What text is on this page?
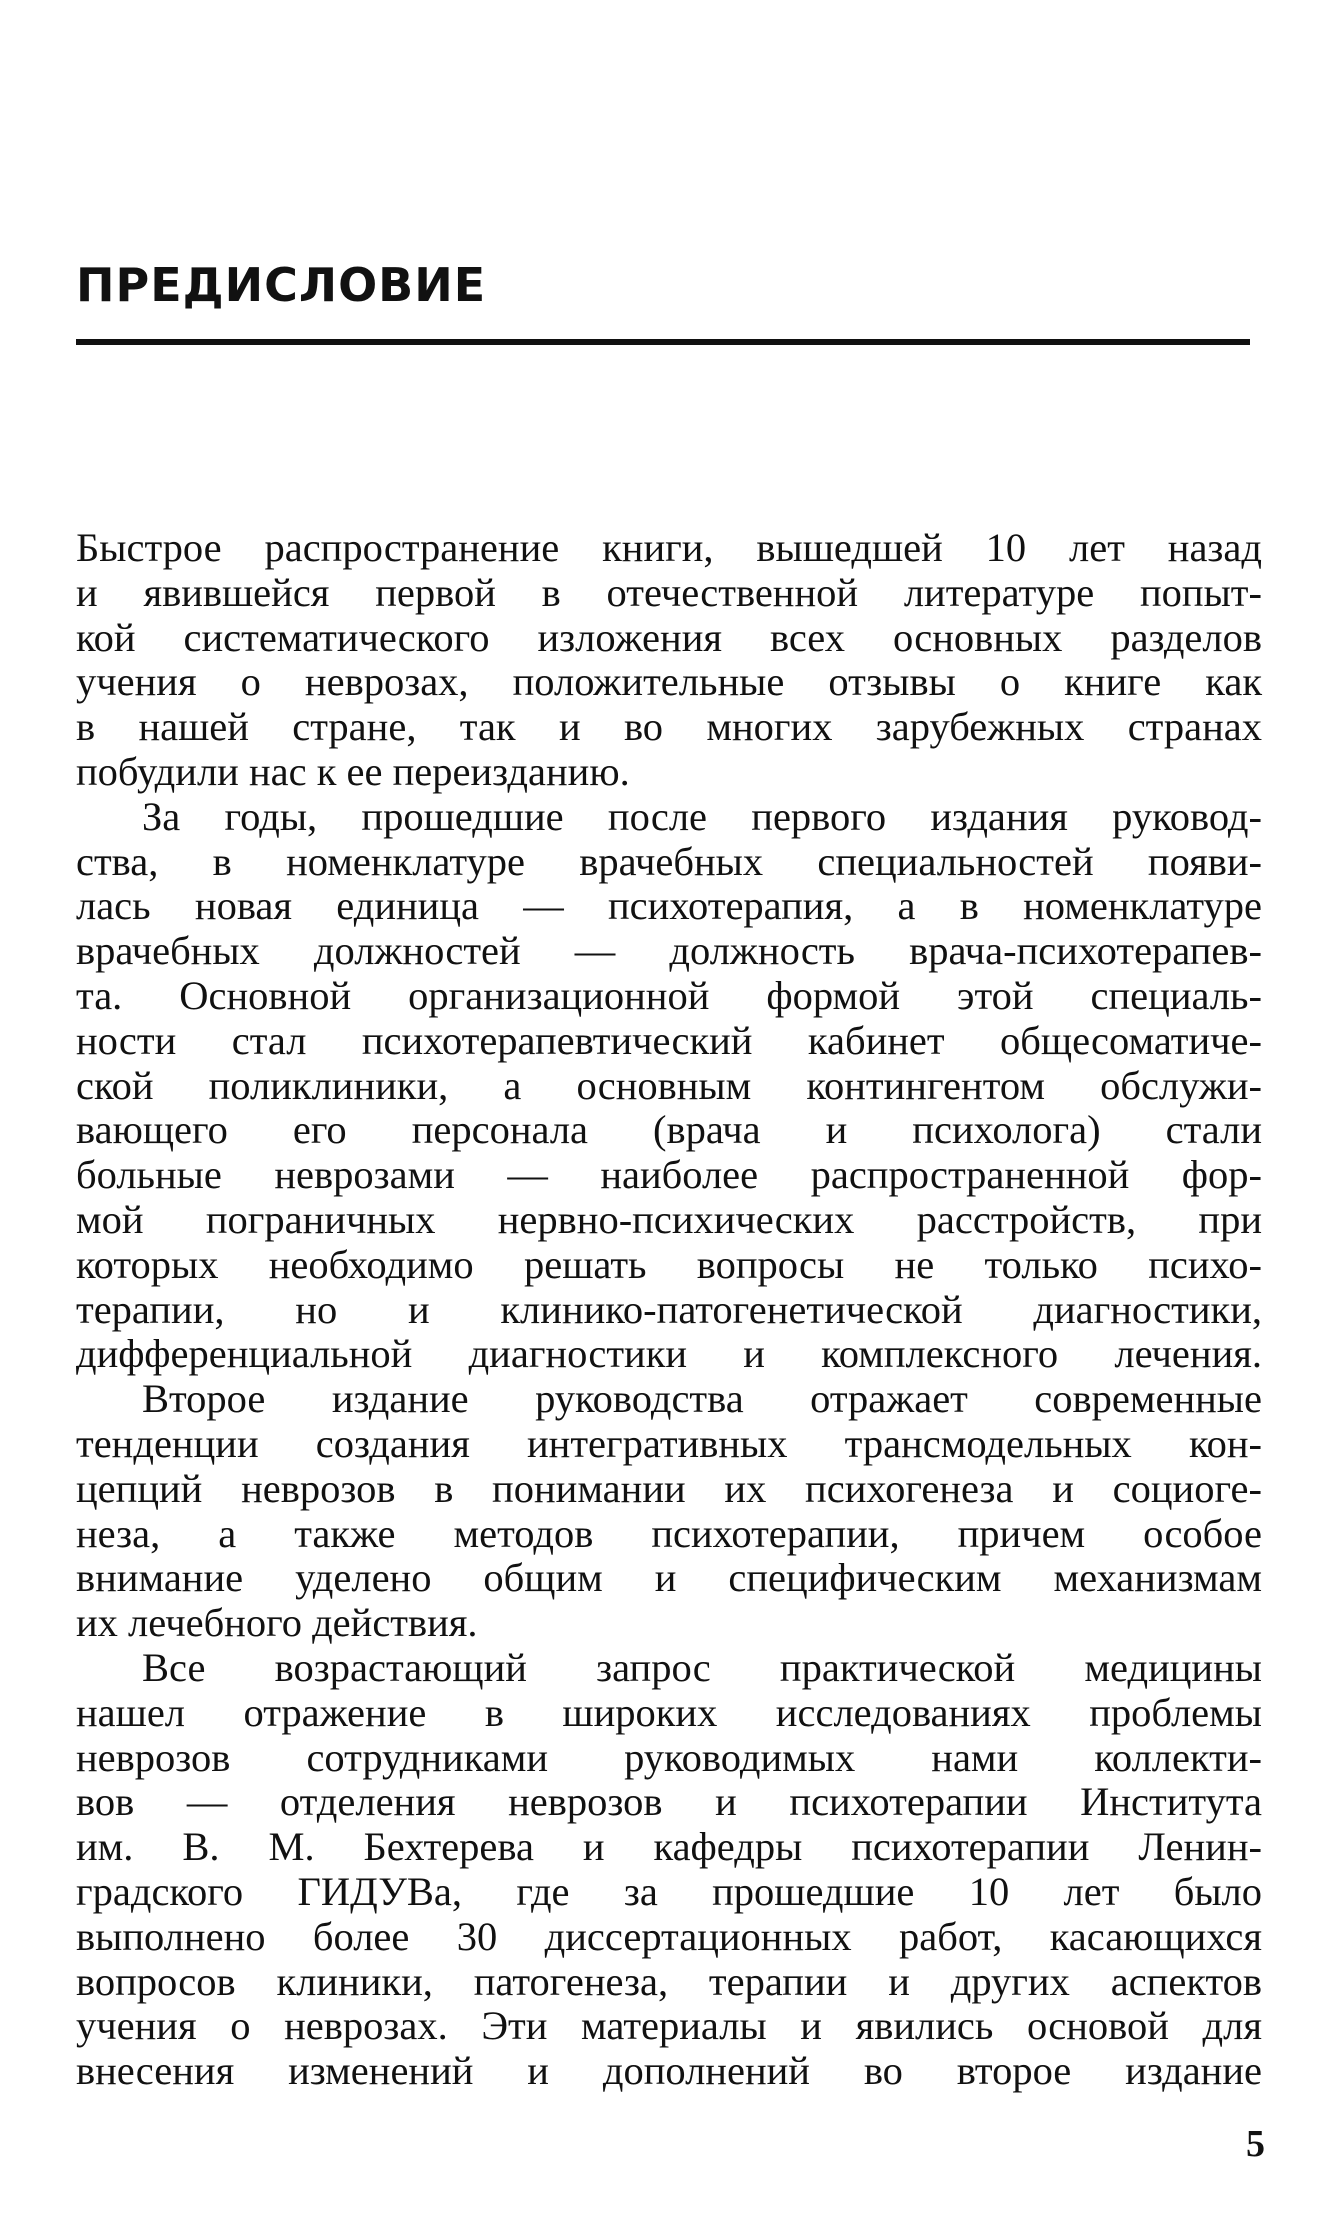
ПРЕДИСЛОВИЕ
Быстрое распространение книги, вышедшей 10 лет назад
и явившейся первой в отечественной литературе попыт-
кой систематического изложения всех основных разделов
учения о неврозах, положительные отзывы о книге как
в нашей стране, так и во многих зарубежных странах
побудили нас к ее переизданию.
За годы, прошедшие после первого издания руковод-
ства, в номенклатуре врачебных специальностей появи-
лась новая единица — психотерапия, а в номенклатуре
врачебных должностей — должность врача-психотерапев-
та. Основной организационной формой этой специаль-
ности стал психотерапевтический кабинет общесоматиче-
ской поликлиники, а основным контингентом обслужи-
вающего его персонала (врача и психолога) стали
больные неврозами — наиболее распространенной фор-
мой пограничных нервно-психических расстройств, при
которых необходимо решать вопросы не только психо-
терапии, но и клинико-патогенетической диагностики,
дифференциальной диагностики и комплексного лечения.
Второе издание руководства отражает современные
тенденции создания интегративных трансмодельных кон-
цепций неврозов в понимании их психогенеза и социоге-
неза, а также методов психотерапии, причем особое
внимание уделено общим и специфическим механизмам
их лечебного действия.
Все возрастающий запрос практической медицины
нашел отражение в широких исследованиях проблемы
неврозов сотрудниками руководимых нами коллекти-
вов — отделения неврозов и психотерапии Института
им. В. М. Бехтерева и кафедры психотерапии Ленин-
градского ГИДУВа, где за прошедшие 10 лет было
выполнено более 30 диссертационных работ, касающихся
вопросов клиники, патогенеза, терапии и других аспектов
учения о неврозах. Эти материалы и явились основой для
внесения изменений и дополнений во второе издание
5
